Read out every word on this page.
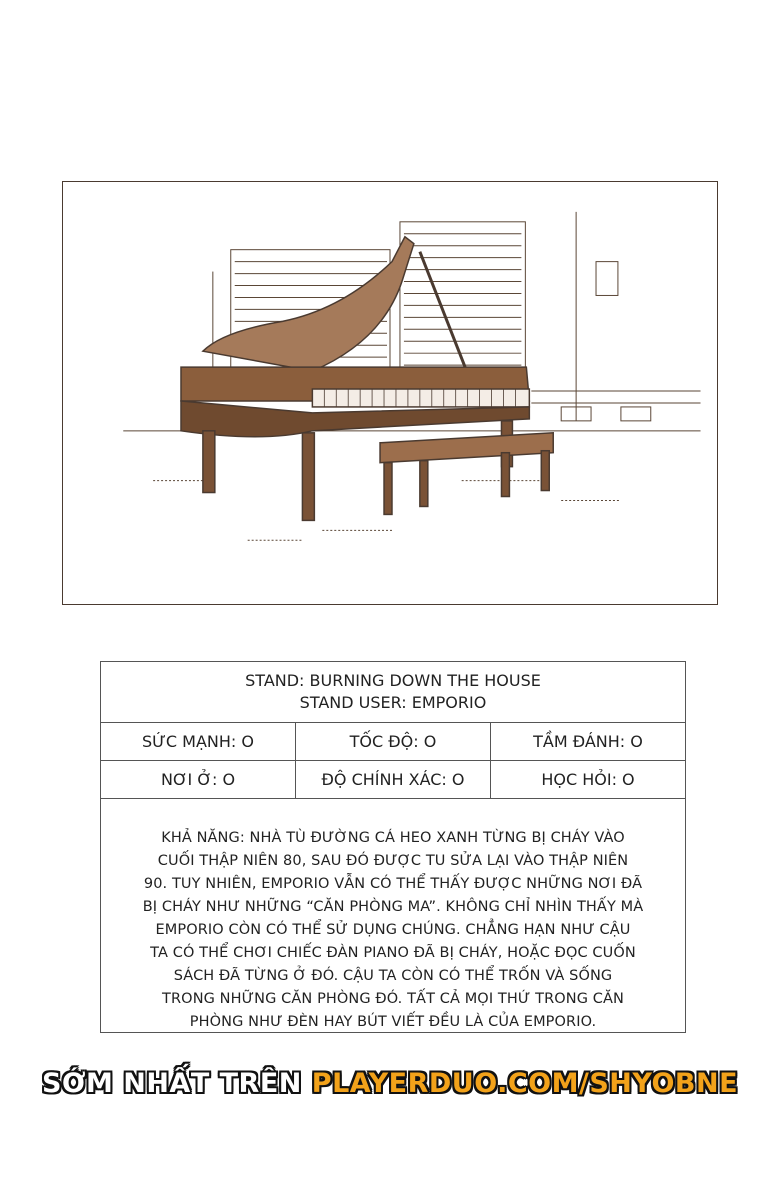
STAND: BURNING DOWN THE HOUSE
STAND USER: EMPORIO
SỨC MẠNH: O	TỐC ĐỘ: O	TẦM ĐÁNH: O
NƠI Ở: O	ĐỘ CHÍNH XÁC: O	HỌC HỎI: O
KHẢ NĂNG: NHÀ TÙ ĐƯỜNG CÁ HEO XANH TỪNG BỊ CHÁY VÀO
CUỐI THẬP NIÊN 80, SAU ĐÓ ĐƯỢC TU SỬA LẠI VÀO THẬP NIÊN
90. TUY NHIÊN, EMPORIO VẪN CÓ THỂ THẤY ĐƯỢC NHỮNG NƠI ĐÃ
BỊ CHÁY NHƯ NHỮNG “CĂN PHÒNG MA”. KHÔNG CHỈ NHÌN THẤY MÀ
EMPORIO CÒN CÓ THỂ SỬ DỤNG CHÚNG. CHẲNG HẠN NHƯ CẬU
TA CÓ THỂ CHƠI CHIẾC ĐÀN PIANO ĐÃ BỊ CHÁY, HOẶC ĐỌC CUỐN
SÁCH ĐÃ TỪNG Ở ĐÓ. CẬU TA CÒN CÓ THỂ TRỐN VÀ SỐNG
TRONG NHỮNG CĂN PHÒNG ĐÓ. TẤT CẢ MỌI THỨ TRONG CĂN
PHÒNG NHƯ ĐÈN HAY BÚT VIẾT ĐỀU LÀ CỦA EMPORIO.
SỚM NHẤT TRÊN PLAYERDUO.COM/SHYOBNE
